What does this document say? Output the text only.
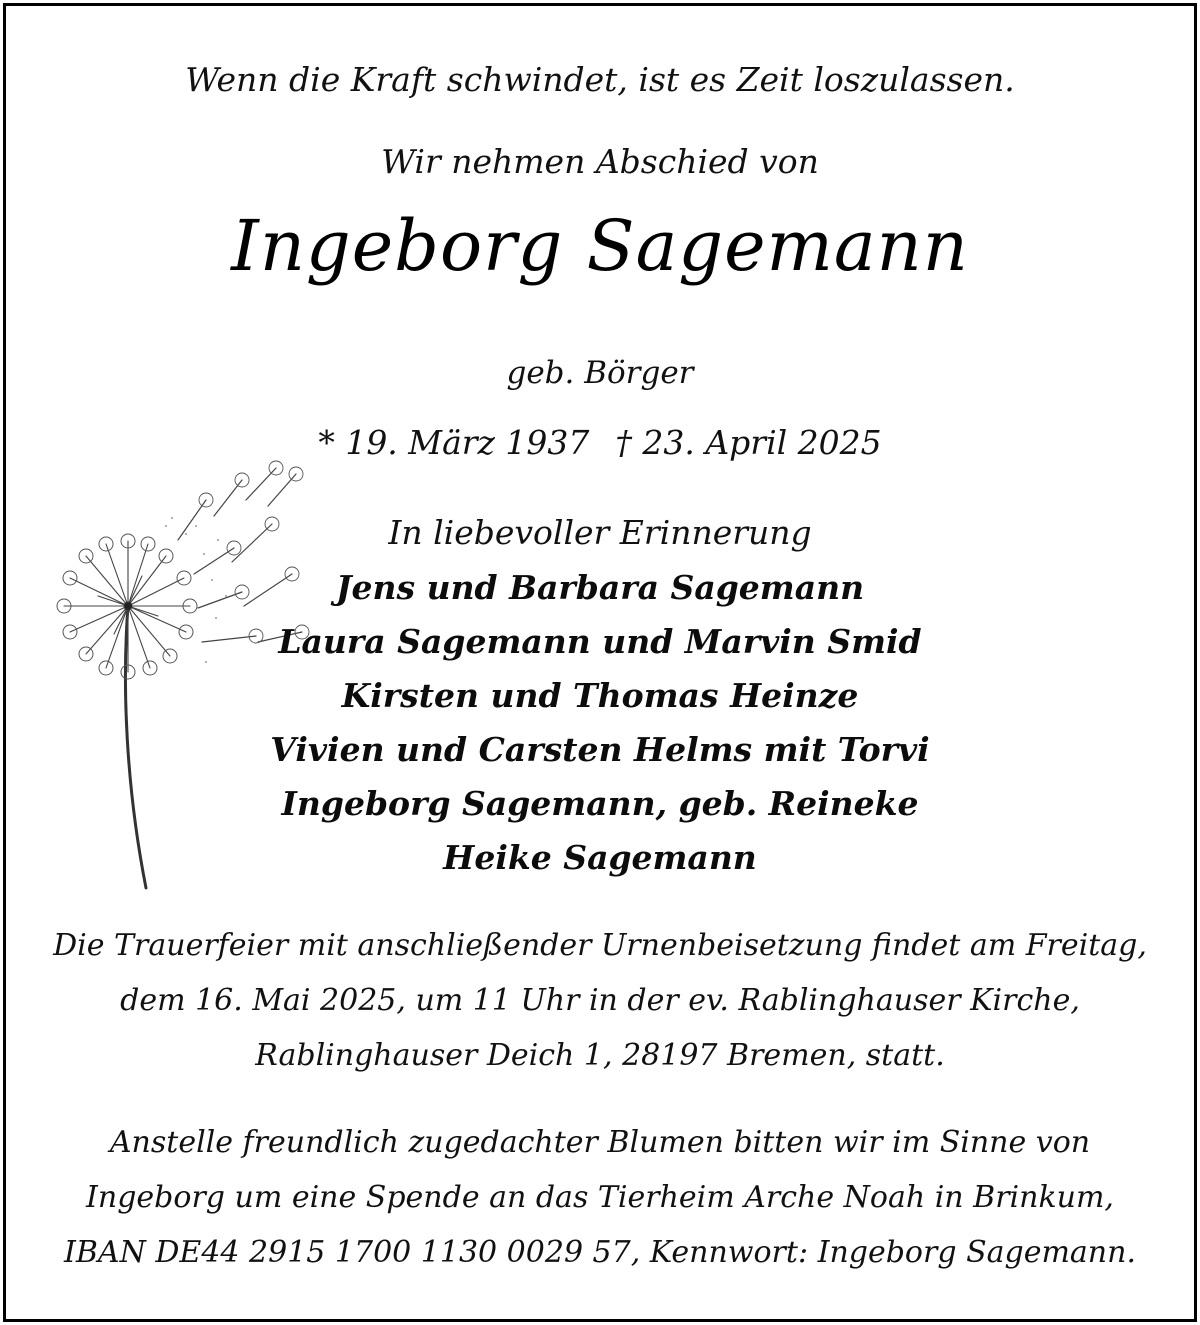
Wenn die Kraft schwindet, ist es Zeit loszulassen.
Wir nehmen Abschied von
Ingeborg Sagemann
geb. Börger
* 19. März 1937 † 23. April 2025
In liebevoller Erinnerung
Jens und Barbara Sagemann
Laura Sagemann und Marvin Smid
Kirsten und Thomas Heinze
Vivien und Carsten Helms mit Torvi
Ingeborg Sagemann, geb. Reineke
Heike Sagemann
Die Trauerfeier mit anschließender Urnenbeisetzung findet am Freitag,
dem 16. Mai 2025, um 11 Uhr in der ev. Rablinghauser Kirche,
Rablinghauser Deich 1, 28197 Bremen, statt.
Anstelle freundlich zugedachter Blumen bitten wir im Sinne von
Ingeborg um eine Spende an das Tierheim Arche Noah in Brinkum,
IBAN DE44 2915 1700 1130 0029 57, Kennwort: Ingeborg Sagemann.
